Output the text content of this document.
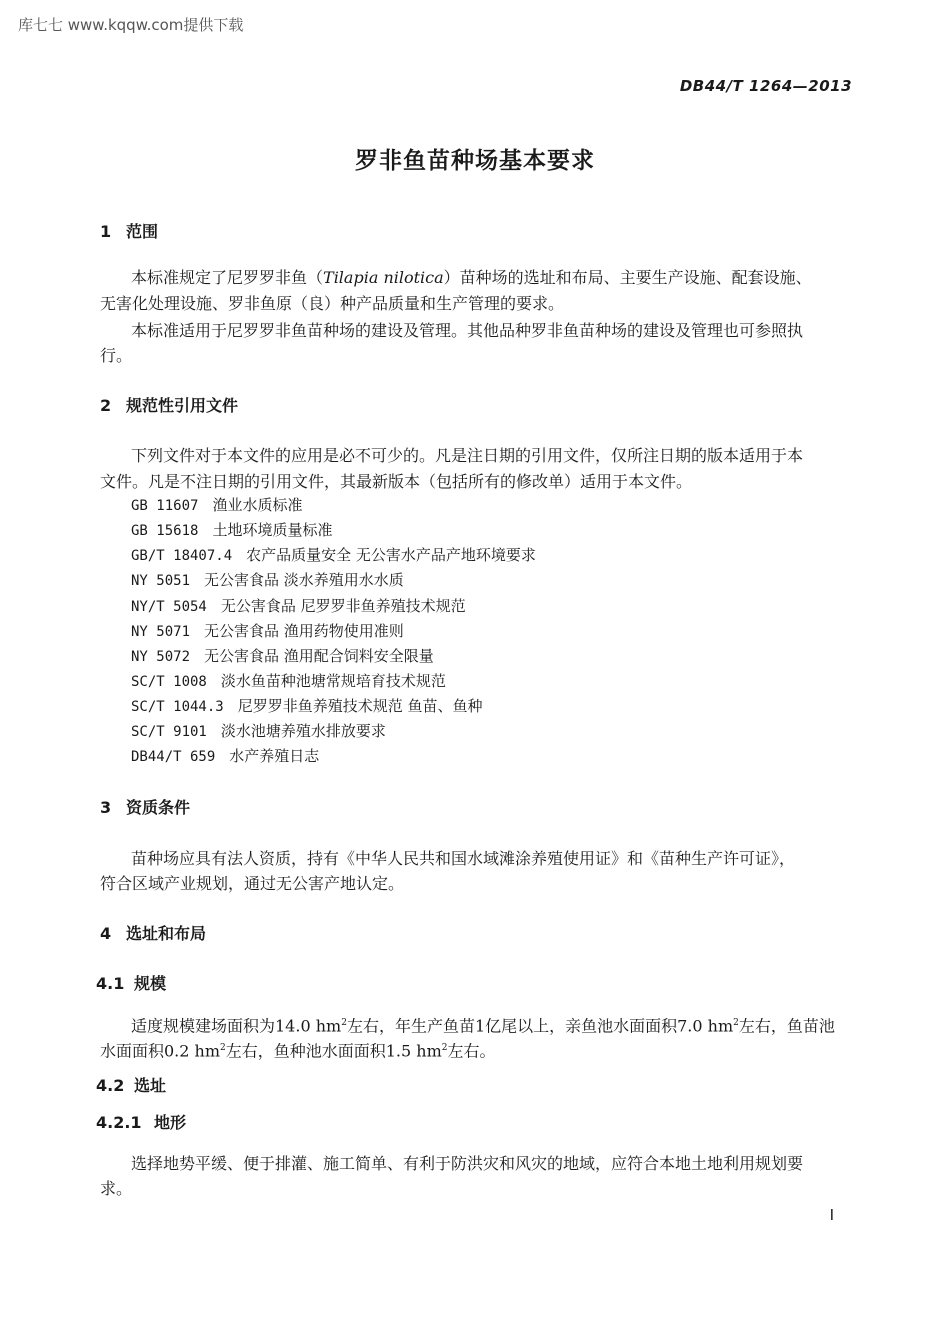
库七七 www.kqqw.com提供下载
DB44/T 1264—2013
罗非鱼苗种场基本要求
1 范围
本标准规定了尼罗罗非鱼（Tilapia nilotica）苗种场的选址和布局、主要生产设施、配套设施、
无害化处理设施、罗非鱼原（良）种产品质量和生产管理的要求。
本标准适用于尼罗罗非鱼苗种场的建设及管理。其他品种罗非鱼苗种场的建设及管理也可参照执
行。
2 规范性引用文件
下列文件对于本文件的应用是必不可少的。凡是注日期的引用文件，仅所注日期的版本适用于本
文件。凡是不注日期的引用文件，其最新版本（包括所有的修改单）适用于本文件。
GB 11607 渔业水质标准
GB 15618 土地环境质量标准
GB/T 18407.4 农产品质量安全 无公害水产品产地环境要求
NY 5051 无公害食品 淡水养殖用水水质
NY/T 5054 无公害食品 尼罗罗非鱼养殖技术规范
NY 5071 无公害食品 渔用药物使用准则
NY 5072 无公害食品 渔用配合饲料安全限量
SC/T 1008 淡水鱼苗种池塘常规培育技术规范
SC/T 1044.3 尼罗罗非鱼养殖技术规范 鱼苗、鱼种
SC/T 9101 淡水池塘养殖水排放要求
DB44/T 659 水产养殖日志
3 资质条件
苗种场应具有法人资质，持有《中华人民共和国水域滩涂养殖使用证》和《苗种生产许可证》，
符合区域产业规划，通过无公害产地认定。
4 选址和布局
4.1 规模
适度规模建场面积为14.0 $hm^2$左右，年生产鱼苗1亿尾以上，亲鱼池水面面积7.0 $hm^2$左右，鱼苗池
水面面积0.2 $hm^2$左右，鱼种池水面面积1.5 $hm^2$左右。
4.2 选址
4.2.1 地形
选择地势平缓、便于排灌、施工简单、有利于防洪灾和风灾的地域，应符合本地土地利用规划要
求。
I
